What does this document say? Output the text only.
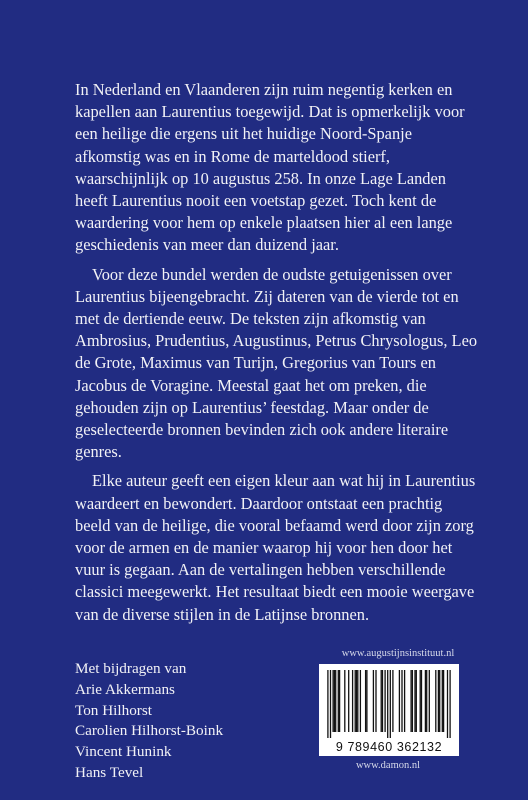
In Nederland en Vlaanderen zijn ruim negentig kerken en kapellen aan Laurentius toegewijd. Dat is opmerkelijk voor een heilige die ergens uit het huidige Noord-Spanje afkomstig was en in Rome de marteldood stierf, waarschijnlijk op 10 augustus 258. In onze Lage Landen heeft Laurentius nooit een voetstap gezet. Toch kent de waardering voor hem op enkele plaatsen hier al een lange geschiedenis van meer dan duizend jaar.

Voor deze bundel werden de oudste getuigenissen over Laurentius bijeengebracht. Zij dateren van de vierde tot en met de dertiende eeuw. De teksten zijn afkomstig van Ambrosius, Prudentius, Augustinus, Petrus Chrysologus, Leo de Grote, Maximus van Turijn, Gregorius van Tours en Jacobus de Voragine. Meestal gaat het om preken, die gehouden zijn op Laurentius’ feestdag. Maar onder de geselecteerde bronnen bevinden zich ook andere literaire genres.

Elke auteur geeft een eigen kleur aan wat hij in Laurentius waardeert en bewondert. Daardoor ontstaat een prachtig beeld van de heilige, die vooral befaamd werd door zijn zorg voor de armen en de manier waarop hij voor hen door het vuur is gegaan. Aan de vertalingen hebben verschillende classici meegewerkt. Het resultaat biedt een mooie weergave van de diverse stijlen in de Latijnse bronnen.

Met bijdragen van
Arie Akkermans
Ton Hilhorst
Carolien Hilhorst-Boink
Vincent Hunink
Hans Tevel
www.augustijnsinstituut.nl
9 789460 362132
www.damon.nl
